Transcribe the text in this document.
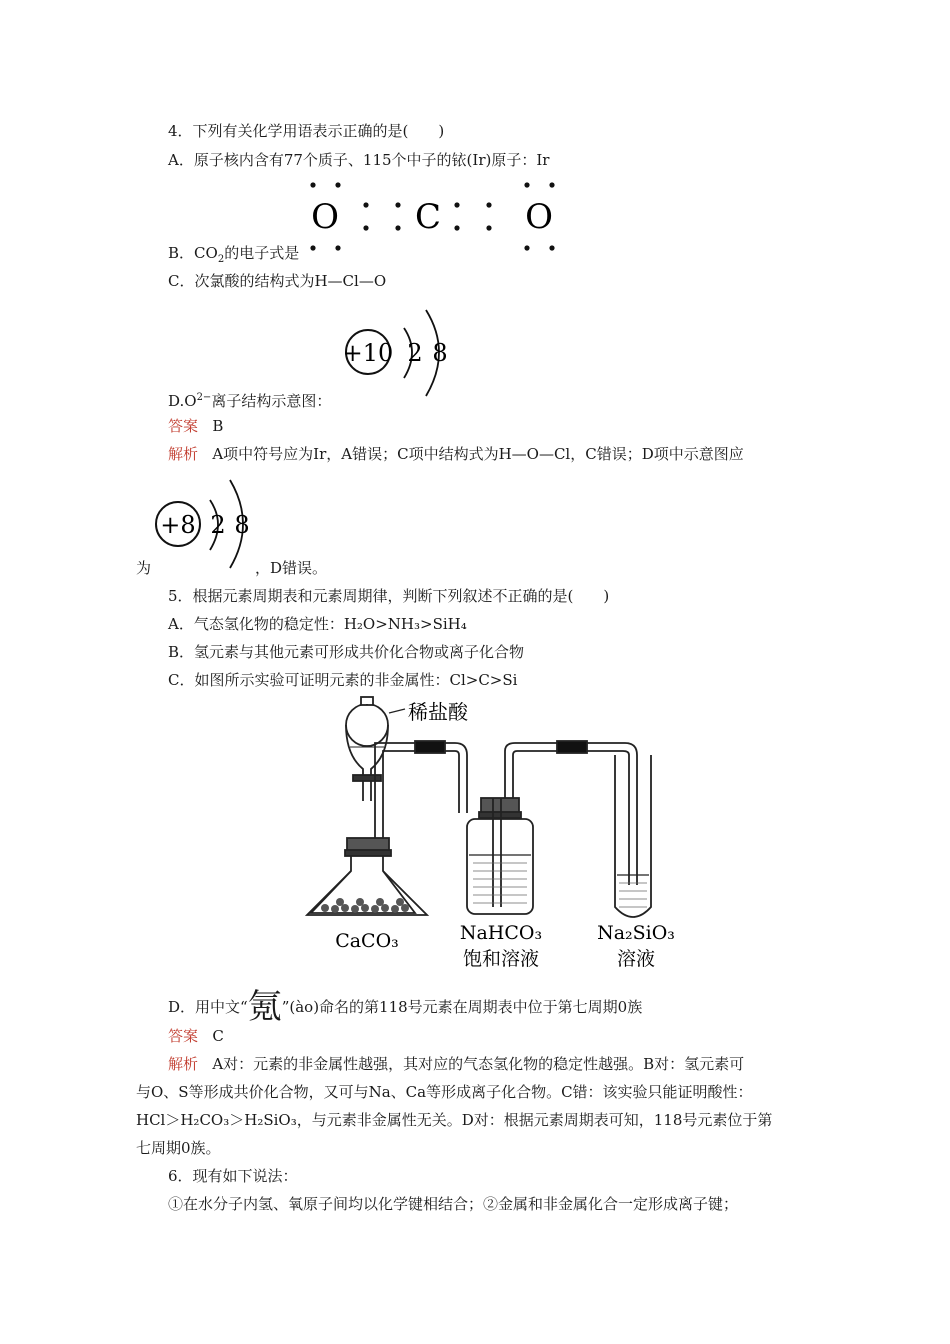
4．下列有关化学用语表示正确的是(　　)
A．原子核内含有77个质子、115个中子的铱(Ir)原子：Ir
O C O
B．$CO_2$的电子式是
C．次氯酸的结构式为H—Cl—O
+10 2 8
$D.O^{2-}$离子结构示意图：
答案 B
解析 A项中符号应为Ir，A错误；C项中结构式为H—O—Cl，C错误；D项中示意图应
+8 2 8
为	，D错误。
5．根据元素周期表和元素周期律，判断下列叙述不正确的是(　　)
A．气态氢化物的稳定性：H₂O>NH₃>SiH₄
B．氢元素与其他元素可形成共价化合物或离子化合物
C．如图所示实验可证明元素的非金属性：Cl>C>Si
稀盐酸
CaCO₃	NaHCO₃
饱和溶液
Na₂SiO₃
溶液
D．用中文“氪”(ào)命名的第118号元素在周期表中位于第七周期0族
答案 C
解析 A对：元素的非金属性越强，其对应的气态氢化物的稳定性越强。B对：氢元素可
与O、S等形成共价化合物，又可与Na、Ca等形成离子化合物。C错：该实验只能证明酸性：
HCl＞H₂CO₃＞H₂SiO₃，与元素非金属性无关。D对：根据元素周期表可知，118号元素位于第
七周期0族。
6．现有如下说法：
①在水分子内氢、氧原子间均以化学键相结合；②金属和非金属化合一定形成离子键；
